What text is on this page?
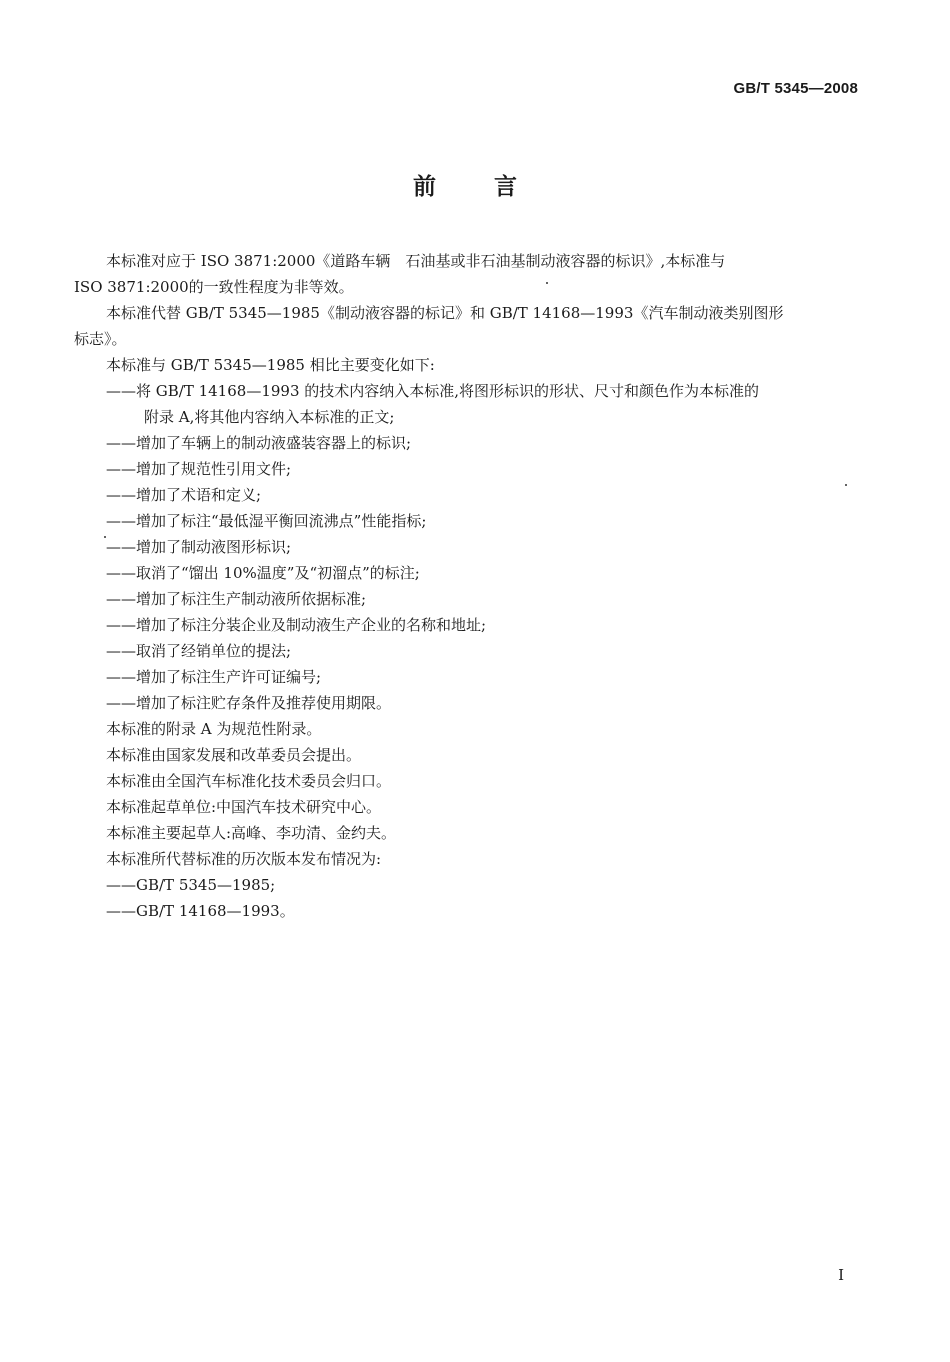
GB/T 5345—2008
前言

本标准对应于 ISO 3871:2000《道路车辆　石油基或非石油基制动液容器的标识》,本标准与

ISO 3871:2000的一致性程度为非等效。

本标准代替 GB/T 5345—1985《制动液容器的标记》和 GB/T 14168—1993《汽车制动液类别图形

标志》。

本标准与 GB/T 5345—1985 相比主要变化如下:

——将 GB/T 14168—1993 的技术内容纳入本标准,将图形标识的形状、尺寸和颜色作为本标准的
附录 A,将其他内容纳入本标准的正文;

——增加了车辆上的制动液盛装容器上的标识;

——增加了规范性引用文件;

——增加了术语和定义;

——增加了标注“最低湿平衡回流沸点”性能指标;

——增加了制动液图形标识;

——取消了“馏出 10%温度”及“初溜点”的标注;

——增加了标注生产制动液所依据标准;

——增加了标注分装企业及制动液生产企业的名称和地址;

——取消了经销单位的提法;

——增加了标注生产许可证编号;

——增加了标注贮存条件及推荐使用期限。

本标准的附录 A 为规范性附录。

本标准由国家发展和改革委员会提出。

本标准由全国汽车标准化技术委员会归口。

本标准起草单位:中国汽车技术研究中心。

本标准主要起草人:高峰、李功清、金约夫。

本标准所代替标准的历次版本发布情况为:

——GB/T 5345—1985;

——GB/T 14168—1993。

I
